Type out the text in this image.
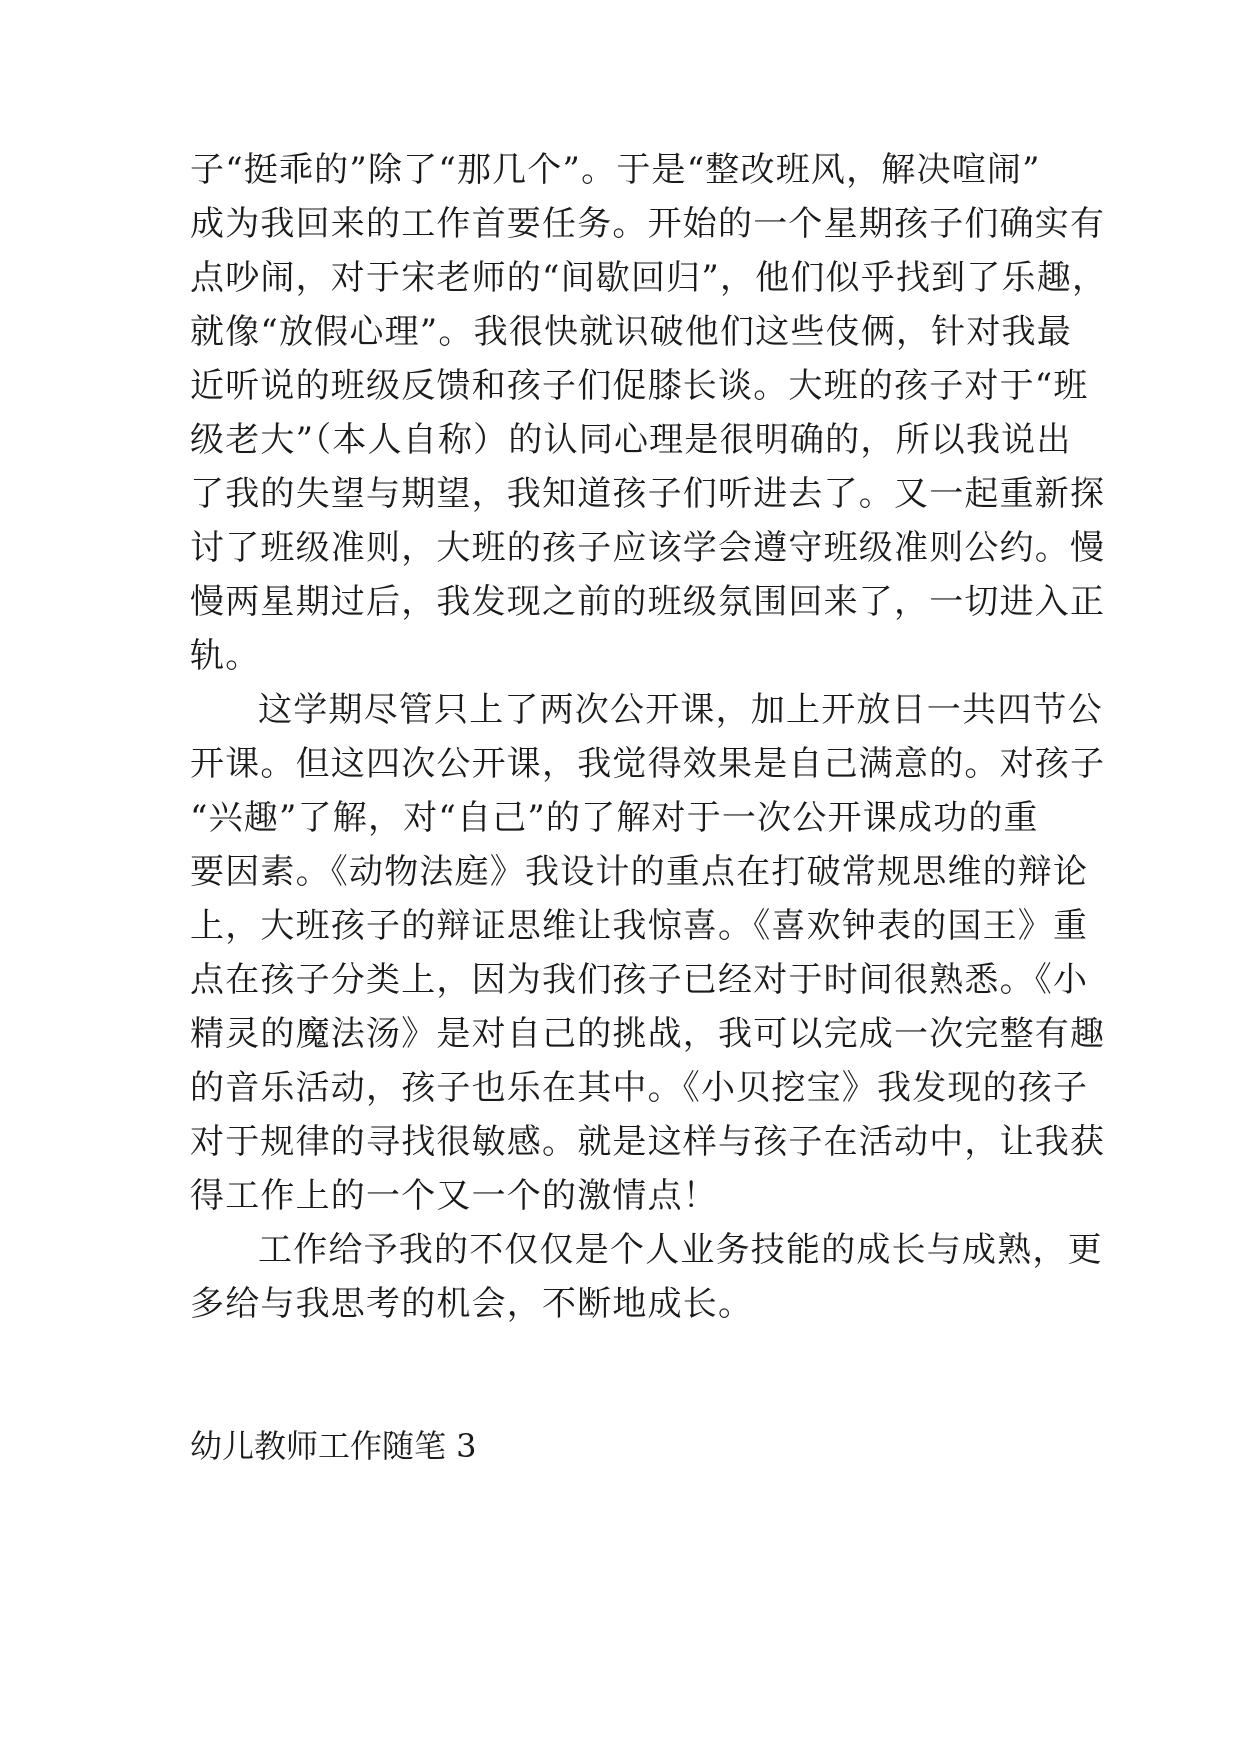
子“挺乖的”除了“那几个”。于是“整改班风，解决喧闹”
成为我回来的工作首要任务。开始的一个星期孩子们确实有
点吵闹，对于宋老师的“间歇回归”，他们似乎找到了乐趣，
就像“放假心理”。我很快就识破他们这些伎俩，针对我最
近听说的班级反馈和孩子们促膝长谈。大班的孩子对于“班
级老大”（本人自称）的认同心理是很明确的，所以我说出
了我的失望与期望，我知道孩子们听进去了。又一起重新探
讨了班级准则，大班的孩子应该学会遵守班级准则公约。慢
慢两星期过后，我发现之前的班级氛围回来了，一切进入正
轨。
这学期尽管只上了两次公开课，加上开放日一共四节公
开课。但这四次公开课，我觉得效果是自己满意的。对孩子
“兴趣”了解，对“自己”的了解对于一次公开课成功的重
要因素。《动物法庭》我设计的重点在打破常规思维的辩论
上，大班孩子的辩证思维让我惊喜。《喜欢钟表的国王》重
点在孩子分类上，因为我们孩子已经对于时间很熟悉。《小
精灵的魔法汤》是对自己的挑战，我可以完成一次完整有趣
的音乐活动，孩子也乐在其中。《小贝挖宝》我发现的孩子
对于规律的寻找很敏感。就是这样与孩子在活动中，让我获
得工作上的一个又一个的激情点！
工作给予我的不仅仅是个人业务技能的成长与成熟，更
多给与我思考的机会，不断地成长。
幼儿教师工作随笔 3
